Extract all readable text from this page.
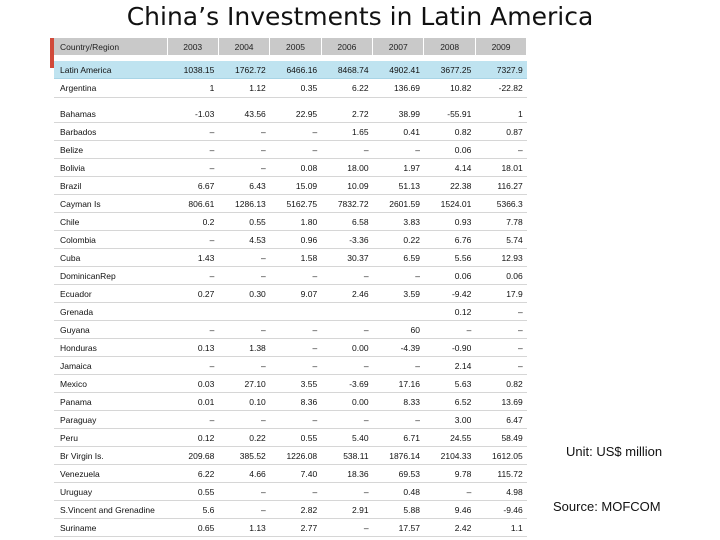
China’s Investments in Latin America
Country/Region	2003	2004	2005	2006	2007	2008	2009

Latin America	1038.15	1762.72	6466.16	8468.74	4902.41	3677.25	7327.9
Argentina	1	1.12	0.35	6.22	136.69	10.82	-22.82

Bahamas	-1.03	43.56	22.95	2.72	38.99	-55.91	1
Barbados	–	–	–	1.65	0.41	0.82	0.87
Belize	–	–	–	–	–	0.06	–
Bolivia	–	–	0.08	18.00	1.97	4.14	18.01
Brazil	6.67	6.43	15.09	10.09	51.13	22.38	116.27
Cayman Is	806.61	1286.13	5162.75	7832.72	2601.59	1524.01	5366.3
Chile	0.2	0.55	1.80	6.58	3.83	0.93	7.78
Colombia	–	4.53	0.96	-3.36	0.22	6.76	5.74
Cuba	1.43	–	1.58	30.37	6.59	5.56	12.93
DominicanRep	–	–	–	–	–	0.06	0.06
Ecuador	0.27	0.30	9.07	2.46	3.59	-9.42	17.9
Grenada						0.12	–
Guyana	–	–	–	–	60	–	–
Honduras	0.13	1.38	–	0.00	-4.39	-0.90	–
Jamaica	–	–	–	–	–	2.14	–
Mexico	0.03	27.10	3.55	-3.69	17.16	5.63	0.82
Panama	0.01	0.10	8.36	0.00	8.33	6.52	13.69
Paraguay	–	–	–	–	–	3.00	6.47
Peru	0.12	0.22	0.55	5.40	6.71	24.55	58.49
Br Virgin Is.	209.68	385.52	1226.08	538.11	1876.14	2104.33	1612.05
Venezuela	6.22	4.66	7.40	18.36	69.53	9.78	115.72
Uruguay	0.55	–	–	–	0.48	–	4.98
S.Vincent and Grenadine	5.6	–	2.82	2.91	5.88	9.46	-9.46
Suriname	0.65	1.13	2.77	–	17.57	2.42	1.1
Unit: US$ million
Source: MOFCOM
